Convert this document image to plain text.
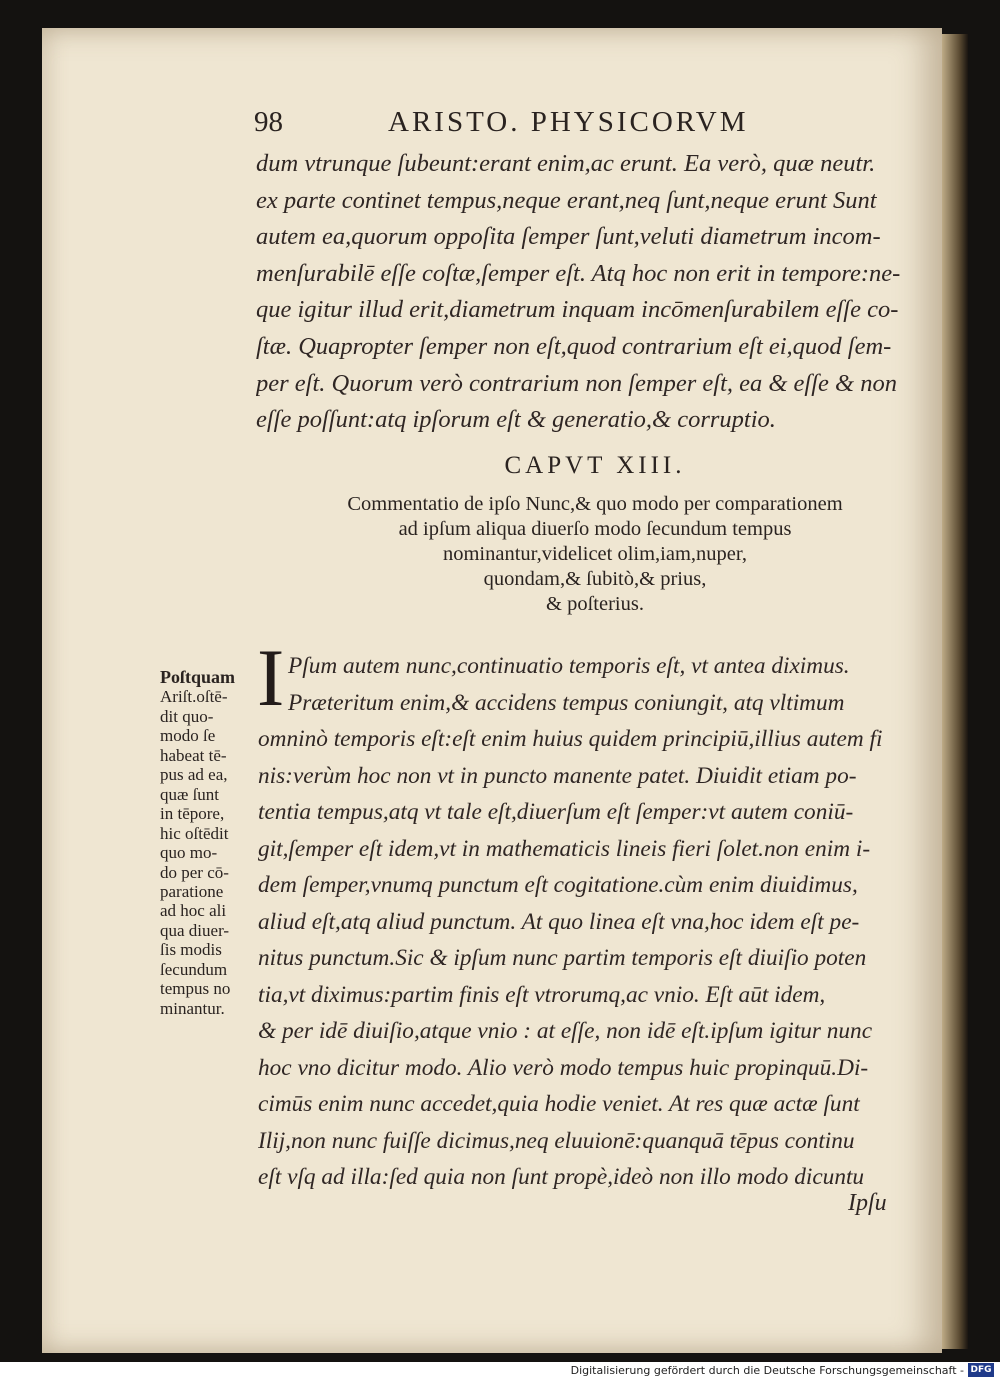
98	ARISTO. PHYSICORVM
dum vtrunque ſubeunt:erant enim,ac erunt. Ea verò, quæ neutr.
ex parte continet tempus,neque erant,neq ſunt,neque erunt Sunt
autem ea,quorum oppoſita ſemper ſunt,veluti diametrum incom-
menſurabilē eſſe coſtæ,ſemper eſt. Atq hoc non erit in tempore:ne-
que igitur illud erit,diametrum inquam incōmenſurabilem eſſe co-
ſtæ. Quapropter ſemper non eſt,quod contrarium eſt ei,quod ſem-
per eſt. Quorum verò contrarium non ſemper eſt, ea & eſſe & non
eſſe poſſunt:atq ipſorum eſt & generatio,& corruptio.
CAPVT XIII.
Commentatio de ipſo Nunc,& quo modo per comparationem
ad ipſum aliqua diuerſo modo ſecundum tempus
nominantur,videlicet olim,iam,nuper,
quondam,& ſubitò,& prius,
& poſterius.
I Pſum autem nunc,continuatio temporis eſt, vt antea diximus.
Præteritum enim,& accidens tempus coniungit, atq vltimum
omninò temporis eſt:eſt enim huius quidem principiū,illius autem fi
nis:verùm hoc non vt in puncto manente patet. Diuidit etiam po-
tentia tempus,atq vt tale eſt,diuerſum eſt ſemper:vt autem coniū-
git,ſemper eſt idem,vt in mathematicis lineis fieri ſolet.non enim i-
dem ſemper,vnumq punctum eſt cogitatione.cùm enim diuidimus,
aliud eſt,atq aliud punctum. At quo linea eſt vna,hoc idem eſt pe-
nitus punctum.Sic & ipſum nunc partim temporis eſt diuiſio poten
tia,vt diximus:partim finis eſt vtrorumq,ac vnio. Eſt aūt idem,
& per idē diuiſio,atque vnio : at eſſe, non idē eſt.ipſum igitur nunc
hoc vno dicitur modo. Alio verò modo tempus huic propinquū.Di-
cimūs enim nunc accedet,quia hodie veniet. At res quæ actæ ſunt
Ilij,non nunc fuiſſe dicimus,neq eluuionē:quanquā tēpus continu
eſt vſq ad illa:ſed quia non ſunt propè,ideò non illo modo dicuntu
Ipſu
Poſtquam
Ariſt.oſtē-
dit quo-
modo ſe
habeat tē-
pus ad ea,
quæ ſunt
in tēpore,
hic oſtēdit
quo mo-
do per cō-
paratione
ad hoc ali
qua diuer-
ſis modis
ſecundum
tempus no
minantur.
Digitalisierung gefördert durch die Deutsche Forschungsgemeinschaft - DFG
